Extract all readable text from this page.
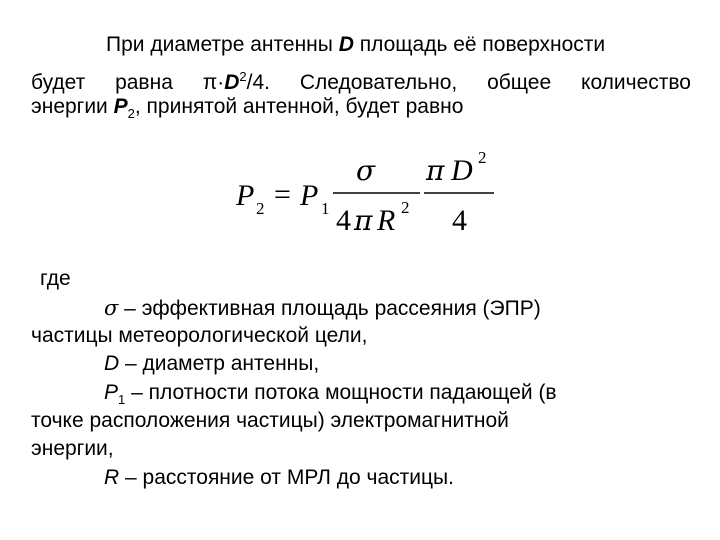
При диаметре антенны D площадь её поверхности
будет равна $\pi\cdot D^2/4$. Следовательно, общее количество
энергии $P_2$, принятой антенной, будет равно
P 2 = P 1
σ
4 π R 2
π D 2
4
где
σ – эффективная площадь рассеяния (ЭПР)
частицы метеорологической цели,
D – диаметр антенны,
$P_1$ – плотности потока мощности падающей (в
точке расположения частицы) электромагнитной
энергии,
R – расстояние от МРЛ до частицы.
